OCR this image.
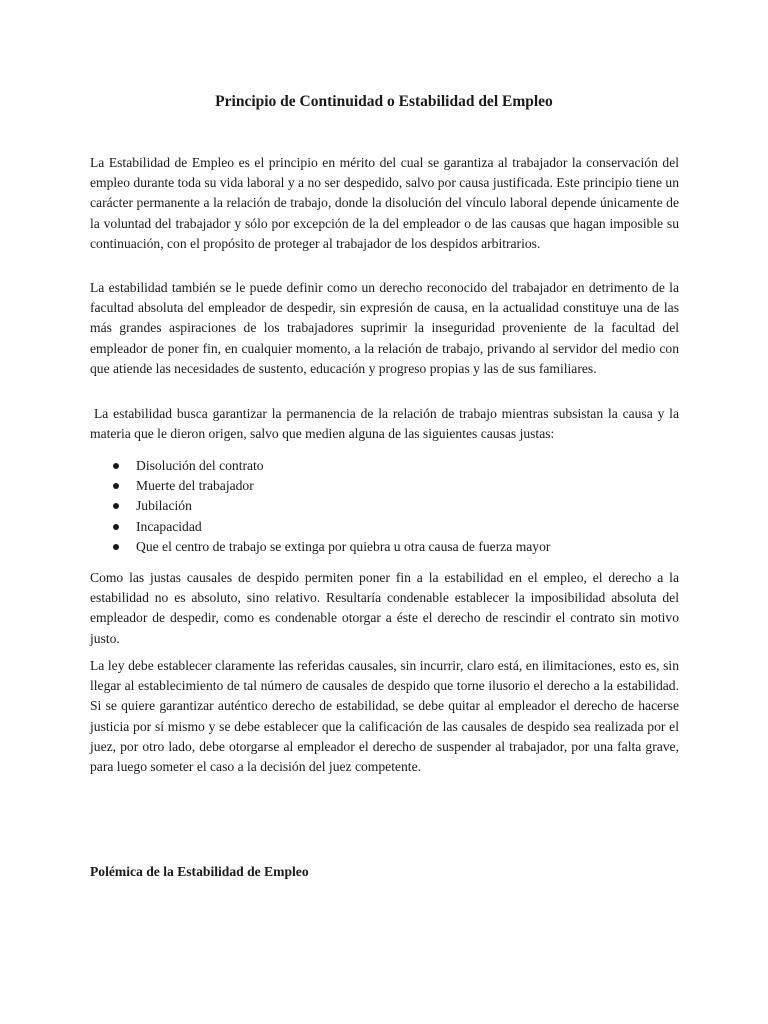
Principio de Continuidad o Estabilidad del Empleo

La Estabilidad de Empleo es el principio en mérito del cual se garantiza al trabajador la conservación del empleo durante toda su vida laboral y a no ser despedido, salvo por causa justificada. Este principio tiene un carácter permanente a la relación de trabajo, donde la disolución del vínculo laboral depende únicamente de la voluntad del trabajador y sólo por excepción de la del empleador o de las causas que hagan imposible su continuación, con el propósito de proteger al trabajador de los despidos arbitrarios.

La estabilidad también se le puede definir como un derecho reconocido del trabajador en detrimento de la facultad absoluta del empleador de despedir, sin expresión de causa, en la actualidad constituye una de las más grandes aspiraciones de los trabajadores suprimir la inseguridad proveniente de la facultad del empleador de poner fin, en cualquier momento, a la relación de trabajo, privando al servidor del medio con que atiende las necesidades de sustento, educación y progreso propias y las de sus familiares.

La estabilidad busca garantizar la permanencia de la relación de trabajo mientras subsistan la causa y la materia que le dieron origen, salvo que medien alguna de las siguientes causas justas:

Disolución del contrato
Muerte del trabajador
Jubilación
Incapacidad
Que el centro de trabajo se extinga por quiebra u otra causa de fuerza mayor

Como las justas causales de despido permiten poner fin a la estabilidad en el empleo, el derecho a la estabilidad no es absoluto, sino relativo. Resultaría condenable establecer la imposibilidad absoluta del empleador de despedir, como es condenable otorgar a éste el derecho de rescindir el contrato sin motivo justo.

La ley debe establecer claramente las referidas causales, sin incurrir, claro está, en ilimitaciones, esto es, sin llegar al establecimiento de tal número de causales de despido que torne ilusorio el derecho a la estabilidad. Si se quiere garantizar auténtico derecho de estabilidad, se debe quitar al empleador el derecho de hacerse justicia por sí mismo y se debe establecer que la calificación de las causales de despido sea realizada por el juez, por otro lado, debe otorgarse al empleador el derecho de suspender al trabajador, por una falta grave, para luego someter el caso a la decisión del juez competente.

Polémica de la Estabilidad de Empleo
